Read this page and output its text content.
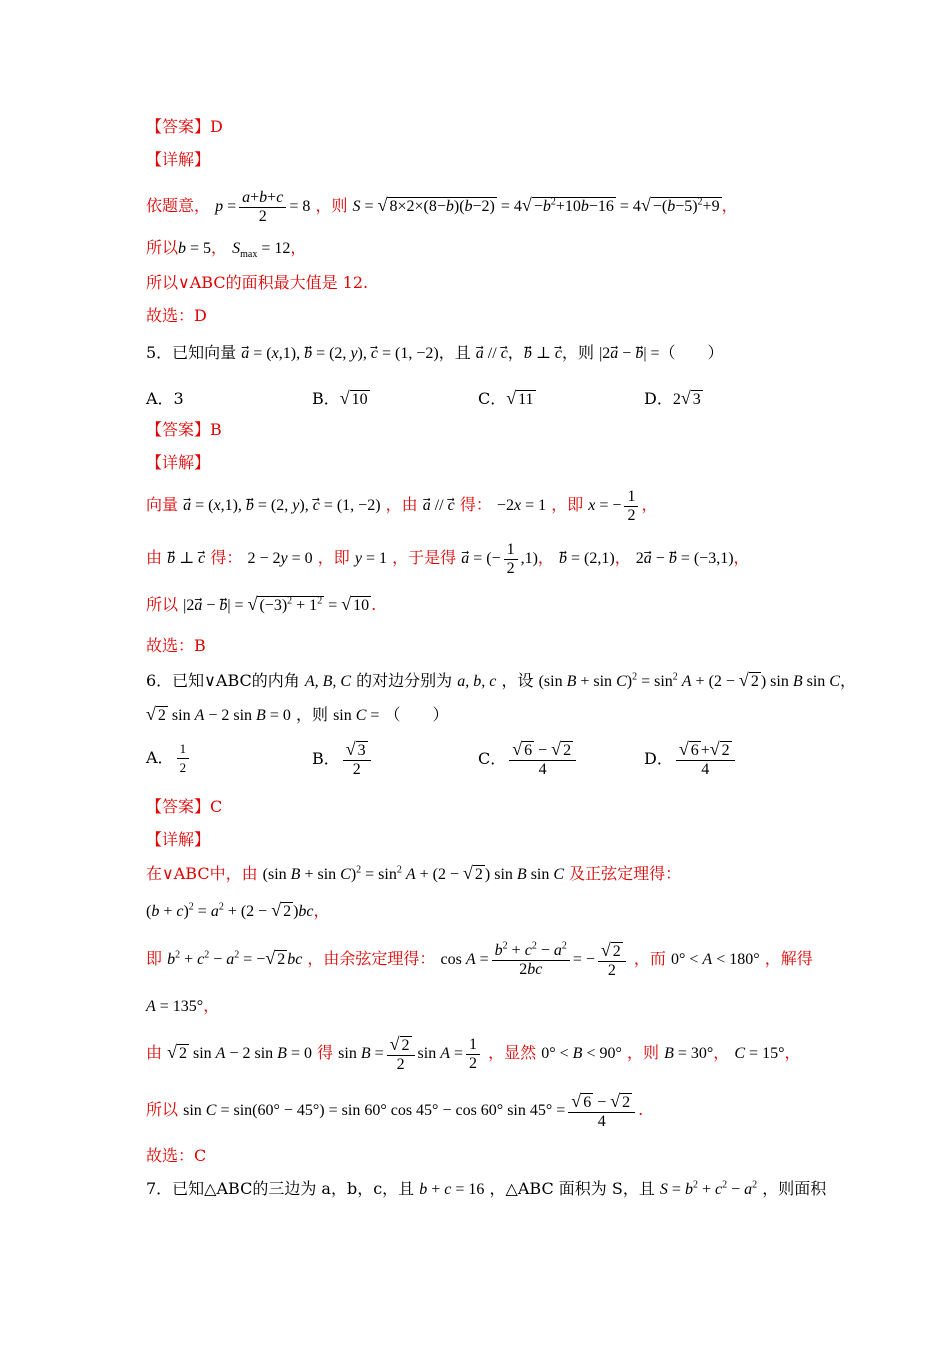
【答案】D
【详解】
依题意， $p = \frac{a+b+c}{2} = 8$ ，则 S = √ $8\times 2\times(8-b)(b-2) = 4√ -b^2+10b-16 = 4√ -(b-5)^2+9$ ，
所以b = 5， $S_{max} = 12$，
所以∨ABC的面积最大值是 12.
故选：D
5．已知向量 a⃗ = (x,1), b⃗ = (2, y), c⃗ = (1, −2)，且 a⃗ // c，b⃗ ⊥ c，则 |2a⃗ − b⃗| =（　　）
A．3	B．√ 10	C．√ 11	D．2√ 3
【答案】B
【详解】
向量 a⃗ = (x,1), b⃗ = (2, y), c⃗ = (1, −2) ，由 a⃗ // c 得： −2x = 1 ，即 x = − $\frac{1}{2}$ ，
由 b⃗ ⊥ c 得： 2 − 2y = 0 ，即 y = 1 ，于是得 a⃗ = (− $\frac{1}{2} ,1$)， b⃗ = (2,1)， 2a⃗ − b⃗ = (−3,1)，
所以 |2a⃗ − b⃗| = √ $(-3)^2 + 1^2$ = √ 10 .
故选：B
6．已知∨ABC的内角 A, B, C 的对边分别为 a, b, c ，设 (sin $B + \sin C)^2 = \sin^2 A + (2$ − √ 2 ) sin B sin C，
√ 2 sin A − 2 sin B = 0 ，则 sin C = （　　）
A． $\frac{1}{2}$	B． $\frac{√ 3}{2}$	C． $\frac{√ 6 - √ 2}{4}$	D． $\frac{√ 6 +√ 2}{4}$
【答案】C
【详解】
在∨ABC中，由 (sin $B + \sin C)^2 = \sin^2 A + (2$ − √ 2 ) sin B sin C 及正弦定理得：
$(b + c)^2 = a^2 + (2$ − √ 2 )bc，
即 $b^2 + c^2 - a^2$ = −√ 2 bc ，由余弦定理得： $\cos A = \frac{b^2 + c^2 - a^2}{2bc}$ = − $\frac{√ 2}{2}$ ，而 0° < A < 180° ，解得
A = 135°，
由 √ 2 sin A − 2 sin B = 0 得 $\sin B = \frac{√ 2}{2}$ $\sin A = \frac{1}{2}$ ，显然 0° < B < 90° ，则 B = 30°， C = 15°，
所以 sin C = sin(60° − 45°) = sin 60° cos 45° − cos 60° $\sin 45^\circ = \frac{√ 6 - √ 2}{4}$ .
故选：C
7．已知△ABC的三边为 a，b，c，且 b + c = 16 ，△ABC 面积为 S，且 $S = b^2 + c^2 - a^2$ ，则面积
